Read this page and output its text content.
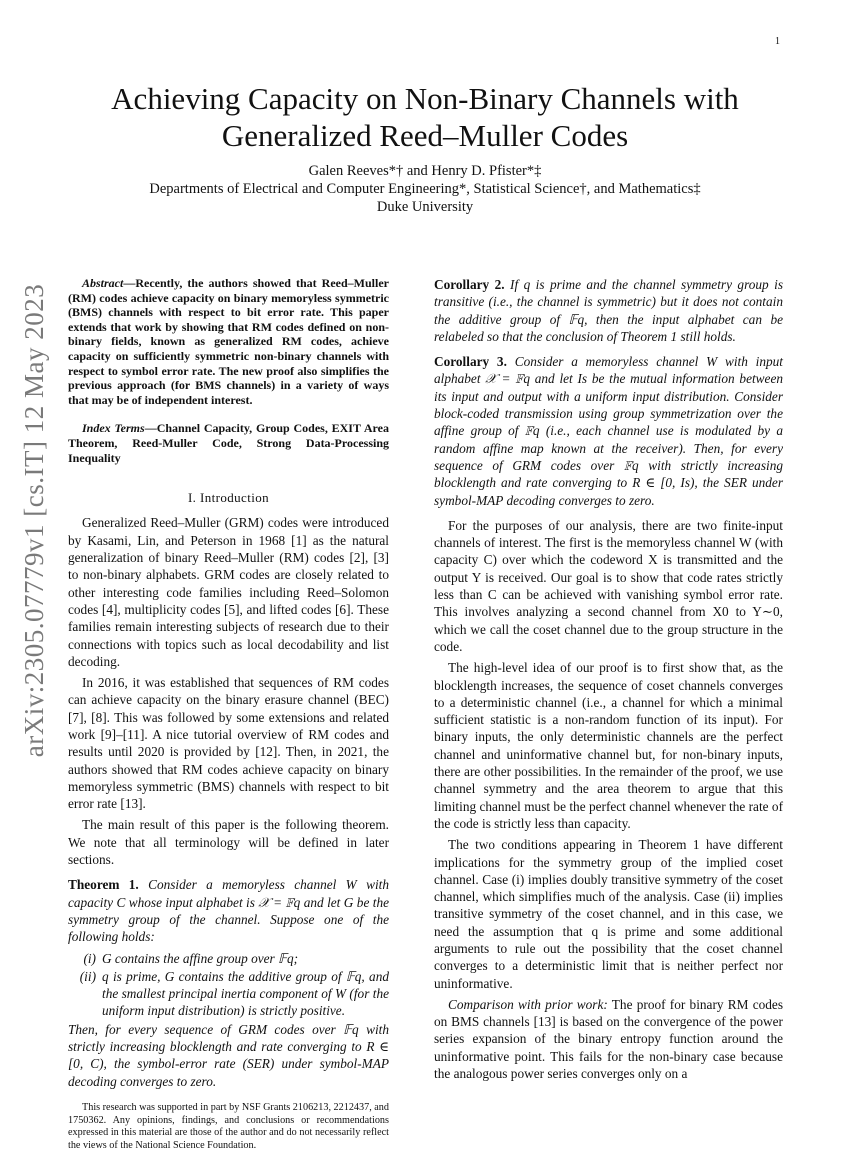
1
arXiv:2305.07779v1 [cs.IT] 12 May 2023
Achieving Capacity on Non-Binary Channels with Generalized Reed–Muller Codes
Galen Reeves*† and Henry D. Pfister*‡
Departments of Electrical and Computer Engineering*, Statistical Science†, and Mathematics‡
Duke University

Abstract—Recently, the authors showed that Reed–Muller (RM) codes achieve capacity on binary memoryless symmetric (BMS) channels with respect to bit error rate. This paper extends that work by showing that RM codes defined on non-binary fields, known as generalized RM codes, achieve capacity on sufficiently symmetric non-binary channels with respect to symbol error rate. The new proof also simplifies the previous approach (for BMS channels) in a variety of ways that may be of independent interest.

Index Terms—Channel Capacity, Group Codes, EXIT Area Theorem, Reed-Muller Code, Strong Data-Processing Inequality

I. Introduction

Generalized Reed–Muller (GRM) codes were introduced by Kasami, Lin, and Peterson in 1968 [1] as the natural generalization of binary Reed–Muller (RM) codes [2], [3] to non-binary alphabets. GRM codes are closely related to other interesting code families including Reed–Solomon codes [4], multiplicity codes [5], and lifted codes [6]. These families remain interesting subjects of research due to their connections with topics such as local decodability and list decoding.

In 2016, it was established that sequences of RM codes can achieve capacity on the binary erasure channel (BEC) [7], [8]. This was followed by some extensions and related work [9]–[11]. A nice tutorial overview of RM codes and results until 2020 is provided by [12]. Then, in 2021, the authors showed that RM codes achieve capacity on binary memoryless symmetric (BMS) channels with respect to bit error rate [13].

The main result of this paper is the following theorem. We note that all terminology will be defined in later sections.

Theorem 1. Consider a memoryless channel W with capacity C whose input alphabet is 𝒳 = 𝔽q and let G be the symmetry group of the channel. Suppose one of the following holds:

(i) G contains the affine group over 𝔽q;
(ii) q is prime, G contains the additive group of 𝔽q, and the smallest principal inertia component of W (for the uniform input distribution) is strictly positive.

Then, for every sequence of GRM codes over 𝔽q with strictly increasing blocklength and rate converging to R ∈ [0, C), the symbol-error rate (SER) under symbol-MAP decoding converges to zero.

This research was supported in part by NSF Grants 2106213, 2212437, and 1750362. Any opinions, findings, and conclusions or recommendations expressed in this material are those of the author and do not necessarily reflect the views of the National Science Foundation.

Corollary 2. If q is prime and the channel symmetry group is transitive (i.e., the channel is symmetric) but it does not contain the additive group of 𝔽q, then the input alphabet can be relabeled so that the conclusion of Theorem 1 still holds.

Corollary 3. Consider a memoryless channel W with input alphabet 𝒳 = 𝔽q and let Is be the mutual information between its input and output with a uniform input distribution. Consider block-coded transmission using group symmetrization over the affine group of 𝔽q (i.e., each channel use is modulated by a random affine map known at the receiver). Then, for every sequence of GRM codes over 𝔽q with strictly increasing blocklength and rate converging to R ∈ [0, Is), the SER under symbol-MAP decoding converges to zero.

For the purposes of our analysis, there are two finite-input channels of interest. The first is the memoryless channel W (with capacity C) over which the codeword X is transmitted and the output Y is received. Our goal is to show that code rates strictly less than C can be achieved with vanishing symbol error rate. This involves analyzing a second channel from X0 to Y∼0, which we call the coset channel due to the group structure in the code.

The high-level idea of our proof is to first show that, as the blocklength increases, the sequence of coset channels converges to a deterministic channel (i.e., a channel for which a minimal sufficient statistic is a non-random function of its input). For binary inputs, the only deterministic channels are the perfect channel and uninformative channel but, for non-binary inputs, there are other possibilities. In the remainder of the proof, we use channel symmetry and the area theorem to argue that this limiting channel must be the perfect channel whenever the rate of the code is strictly less than capacity.

The two conditions appearing in Theorem 1 have different implications for the symmetry group of the implied coset channel. Case (i) implies doubly transitive symmetry of the coset channel, which simplifies much of the analysis. Case (ii) implies transitive symmetry of the coset channel, and in this case, we need the assumption that q is prime and some additional arguments to rule out the possibility that the coset channel converges to a deterministic limit that is neither perfect nor uninformative.

Comparison with prior work: The proof for binary RM codes on BMS channels [13] is based on the convergence of the power series expansion of the binary entropy function around the uninformative point. This fails for the non-binary case because the analogous power series converges only on a
